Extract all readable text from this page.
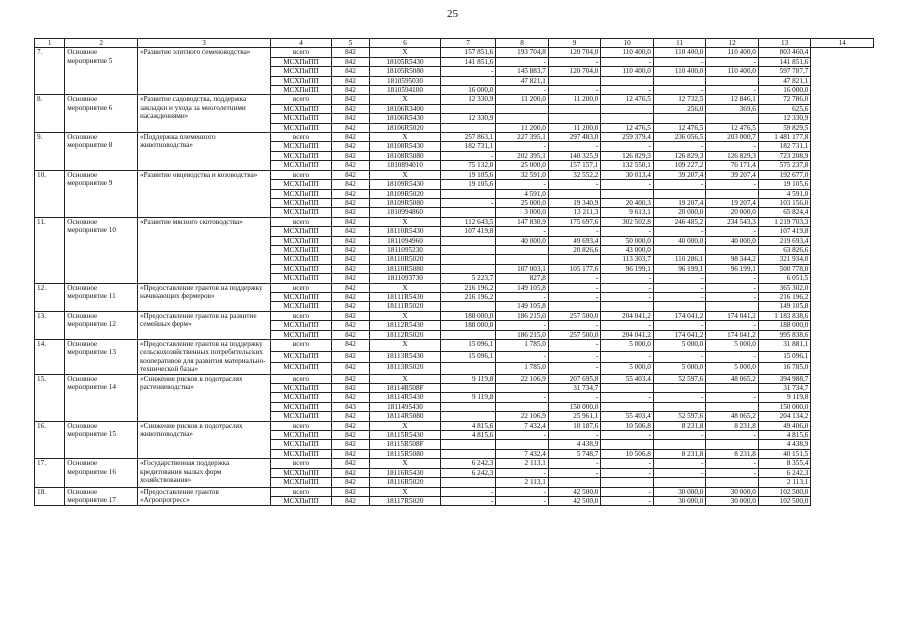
25
1	2	3	4	5	6	7	8	9	10	11	12	13	14
7.	Основное мероприятие 5	«Развитие элитного семеноводства»	всего	842	X	157 851,6	193 704,8	120 704,0	110 400,0	110 400,0	110 400,0	803 460,4	
			МСХПиПП	842	18105R5430	141 851,6	-	-	-	-	-	141 851,6	
			МСХПиПП	842	18105R5080	-	145 883,7	120 704,0	110 400,0	110 400,0	110 400,0	597 787,7	
			МСХПиПП	842	1810595030		47 821,1					47 821,1	
			МСХПиПП	842	1810594100	16 000,0	-	-	-	-	-	16 000,0	
8.	Основное мероприятие 6	«Развитие садоводства, поддержка закладки и ухода за многолетними насаждениями»	всего	842	X	12 330,9	11 200,0	11 200,0	12 476,5	12 732,5	12 846,1	72 786,0	
			МСХПиПП	842	18106R3400					256,0	369,6	625,6	
			МСХПиПП	842	18106R5430	12 330,9						12 330,9	
			МСХПиПП	842	18106R5020		11 200,0	11 200,0	12 476,5	12 476,5	12 476,5	59 829,5	
9.	Основное мероприятие 8	«Поддержка племенного животноводства»	всего	842	X	257 863,1	227 395,1	297 483,0	259 379,4	236 056,5	203 000,7	1 481 177,8	
			МСХПиПП	842	18108R5430	182 731,1	-	-	-	-	-	182 731,1	
			МСХПиПП	842	18108R5080	-	202 395,1	140 325,9	126 829,3	126 829,3	126 829,3	723 208,9	
			МСХПиПП	842	1810894010	75 132,0	25 000,0	157 157,1	132 550,1	109 227,2	76 171,4	575 237,8	
10.	Основное мероприятие 9	«Развитие овцеводства и козоводства»	всего	842	X	19 105,6	32 591,0	32 552,2	30 013,4	39 207,4	39 207,4	192 677,0	
			МСХПиПП	842	18109R5430	19 105,6	-	-	-	-	-	19 105,6	
			МСХПиПП	842	18109R5020		4 591,0					4 591,0	
			МСХПиПП	842	18109R5080	-	25 000,0	19 340,9	20 400,3	19 207,4	19 207,4	103 156,0	
			МСХПиПП	842	1810994860		3 000,0	13 211,3	9 613,1	20 000,0	20 000,0	65 824,4	
11.	Основное мероприятие 10	«Развитие мясного скотоводства»	всего	842	X	112 643,5	147 830,9	175 697,6	302 502,8	246 485,2	234 543,3	1 219 703,3	
			МСХПиПП	842	18110R5430	107 419,8	-	-	-	-	-	107 419,8	
			МСХПиПП	842	1811094960		40 000,0	49 693,4	50 000,0	40 000,0	40 000,0	219 693,4	
			МСХПиПП	842	1811095230			20 826,6	43 000,0			63 826,6	
			МСХПиПП	842	18110R5020				113 303,7	110 286,1	98 344,2	321 934,0	
			МСХПиПП	842	18110R5080		107 003,1	105 177,6	96 199,1	96 199,1	96 199,1	500 778,0	
			МСХПиПП	842	1811093730	5 223,7	827,8	-	-	-	-	6 051,5	
12.	Основное мероприятие 11	«Предоставление грантов на поддержку начинающих фермеров»	всего	842	X	216 196,2	149 105,8	-	-	-	-	365 302,0	
			МСХПиПП	842	18111R5430	216 196,2	-	-	-	-	-	216 196,2	
			МСХПиПП	842	18111R5020		149 105,8					149 105,8	
13.	Основное мероприятие 12	«Предоставление грантов на развитие семейных ферм»	всего	842	X	188 000,0	186 215,0	257 500,0	204 041,2	174 041,2	174 041,2	1 183 838,6	
			МСХПиПП	842	18112R5430	188 000,0	-	-	-	-	-	188 000,0	
			МСХПиПП	842	18112R5020		186 215,0	257 500,0	204 041,2	174 041,2	174 041,2	995 838,6	
14.	Основное мероприятие 13	«Предоставление грантов на поддержку сельскохозяйственных потребительских кооперативов для развития материально-технической базы»	всего	842	X	15 096,1	1 785,0	-	5 000,0	5 000,0	5 000,0	31 881,1	
			МСХПиПП	842	18113R5430	15 096,1	-	-	-	-	-	15 096,1	
			МСХПиПП	842	18113R5020		1 785,0	-	5 000,0	5 000,0	5 000,0	16 785,0	
15.	Основное мероприятие 14	«Снижение рисков в подотраслях растениеводства»	всего	842	X	9 119,8	22 106,9	207 695,8	55 403,4	52 597,6	48 065,2	394 988,7	
			МСХПиПП	842	18114R508F			31 734,7				31 734,7	
			МСХПиПП	842	18114R5430	9 119,8	-	-	-	-	-	9 119,8	
			МСХПиПП	843	1811495430			150 000,0				150 000,0	
			МСХПиПП	842	18114R5080		22 106,9	25 961,1	55 403,4	52 597,6	48 065,2	204 134,2	
16.	Основное мероприятие 15	«Снижение рисков в подотраслях животноводства»	всего	842	X	4 815,6	7 432,4	10 187,6	10 506,8	8 231,8	8 231,8	49 406,0	
			МСХПиПП	842	18115R5430	4 815,6	-	-	-	-	-	4 815,6	
			МСХПиПП	842	18115R508F			4 438,9				4 438,9	
			МСХПиПП	842	18115R5080		7 432,4	5 748,7	10 506,8	8 231,8	8 231,8	40 151,5	
17.	Основное мероприятие 16	«Государственная поддержка кредитования малых форм хозяйствования»	всего	842	X	6 242,3	2 113,1	-	-	-	-	8 355,4	
			МСХПиПП	842	18116R5430	6 242,3	-	-	-	-	-	6 242,3	
			МСХПиПП	842	18116R5020		2 113,1					2 113,1	
18.	Основное мероприятие 17	«Предоставление грантов «Агропрогресс»	всего	842	X	-	-	42 500,0	-	30 000,0	30 000,0	102 500,0	
			МСХПиПП	842	18117R5020	-	-	42 500,0	-	30 000,0	30 000,0	102 500,0	
